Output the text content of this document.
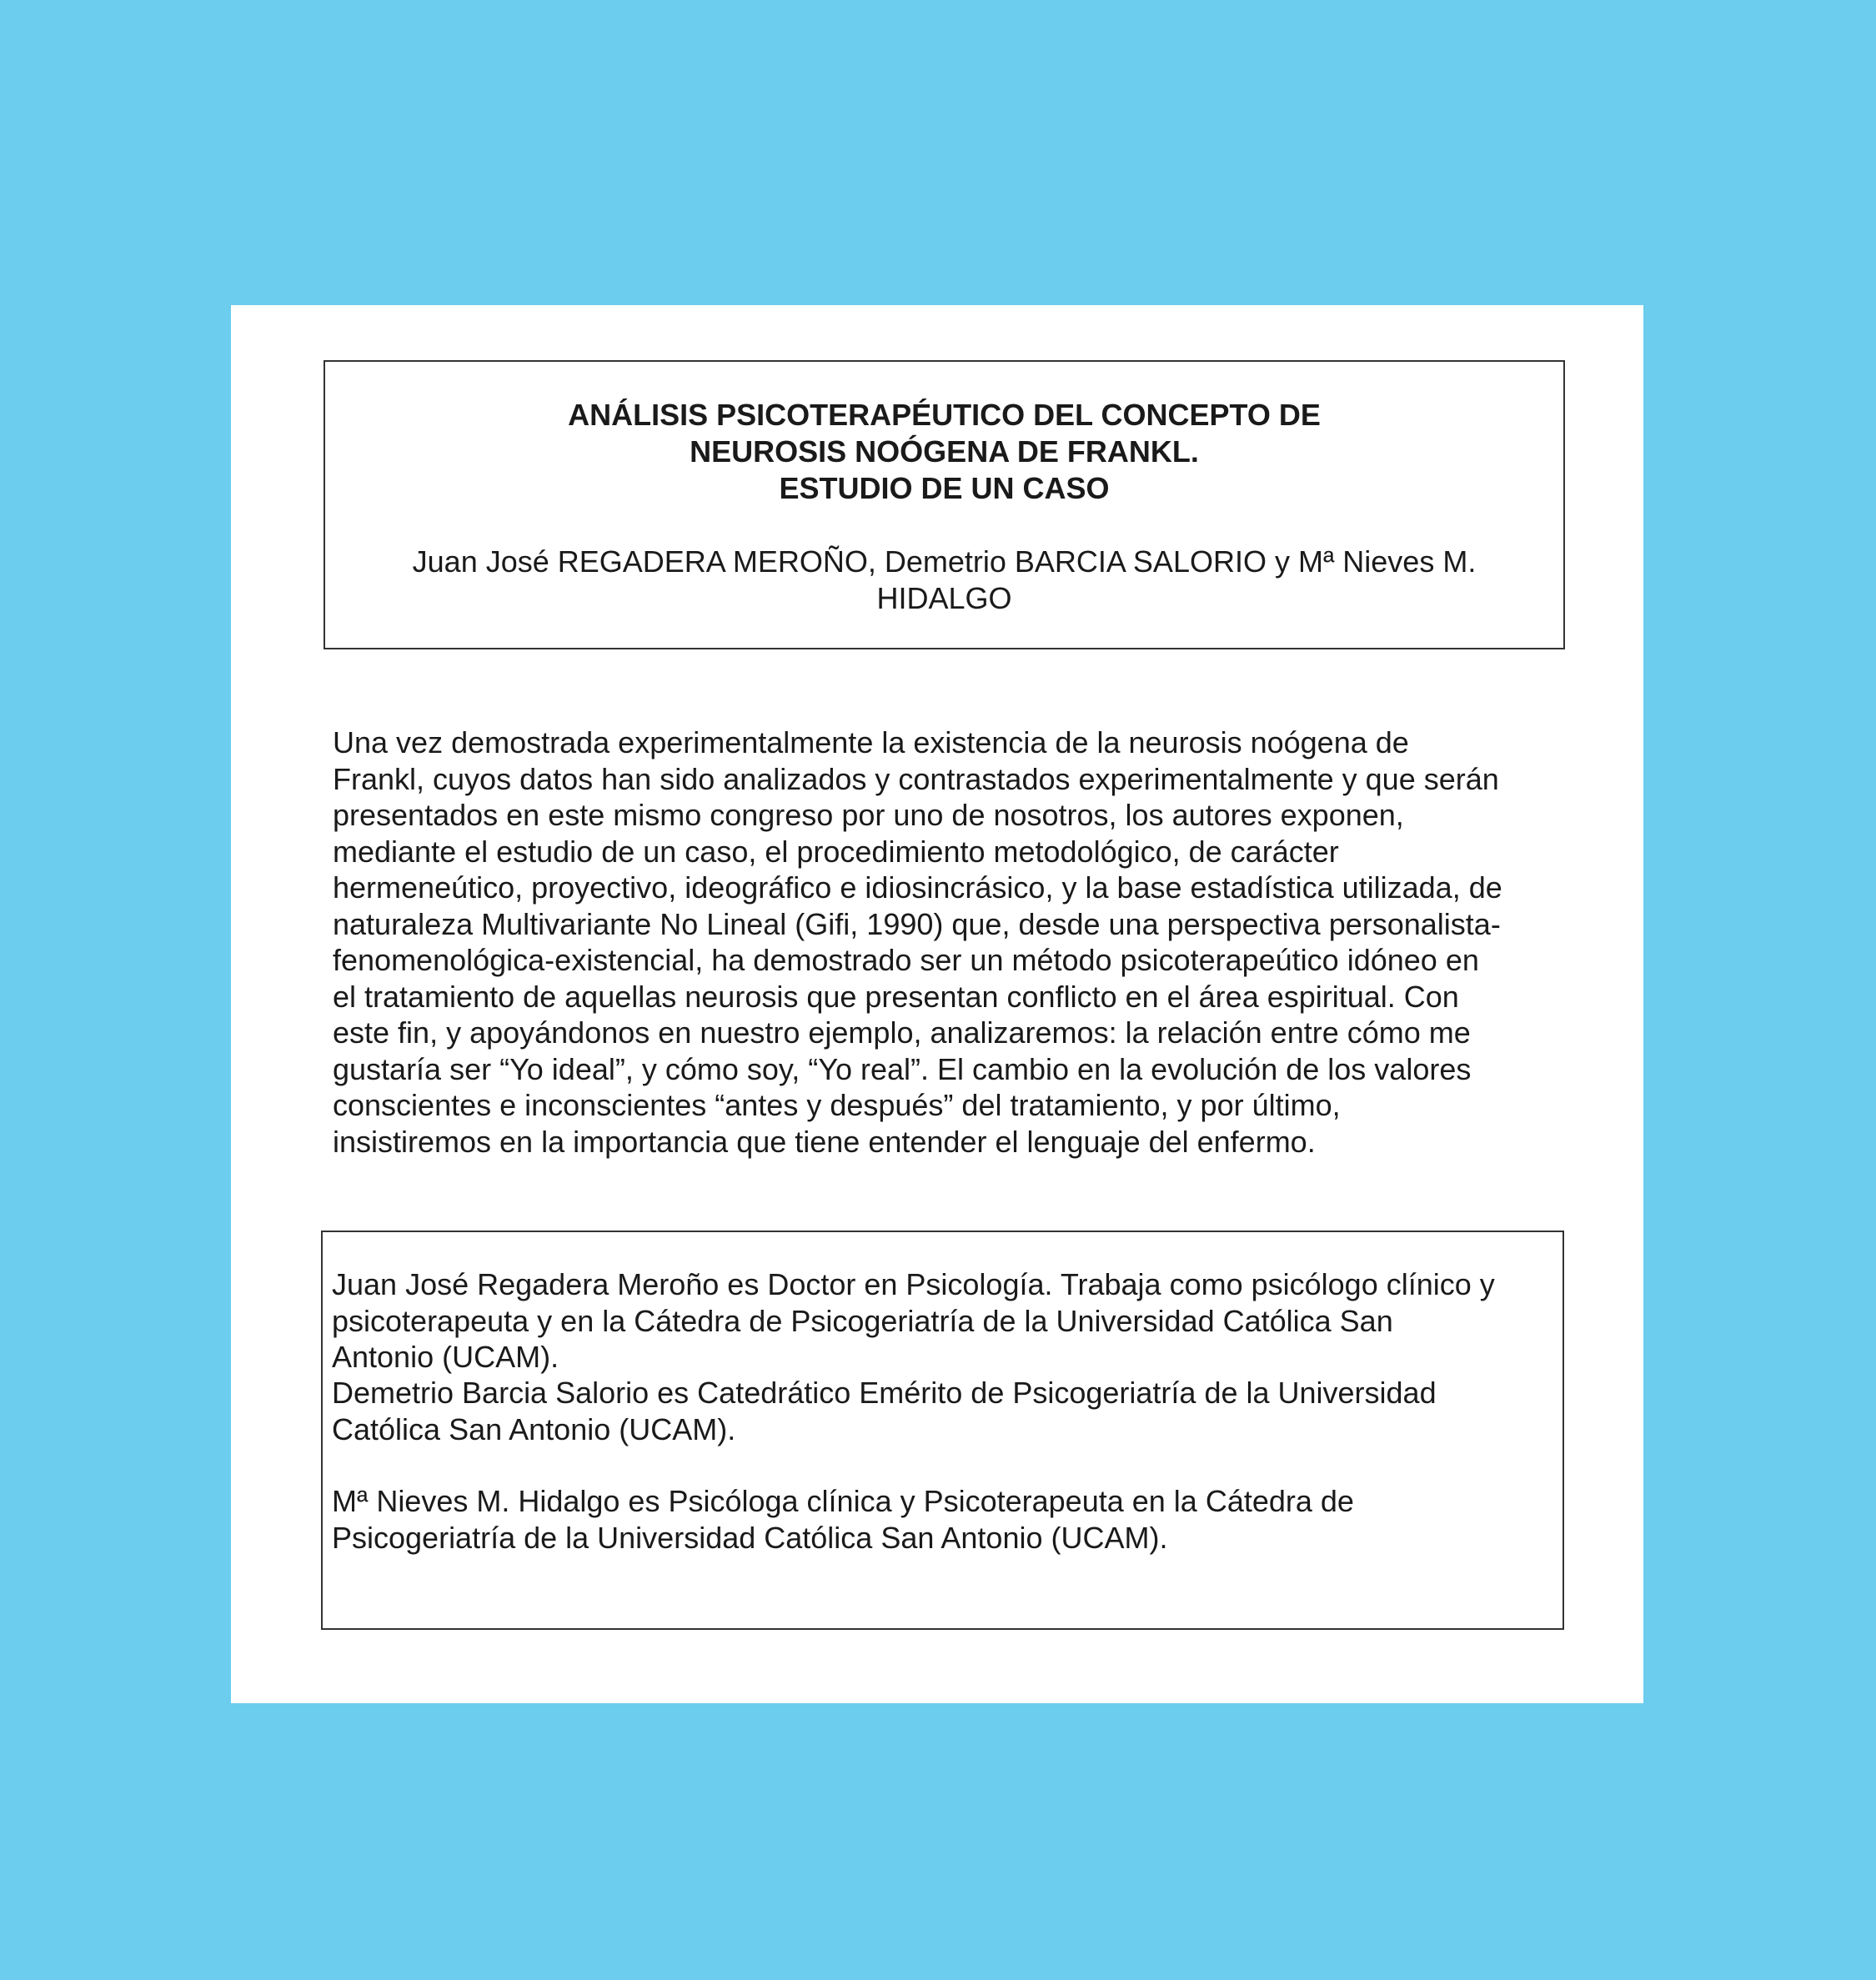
ANÁLISIS PSICOTERAPÉUTICO DEL CONCEPTO DE
NEUROSIS NOÓGENA DE FRANKL.
ESTUDIO DE UN CASO
Juan José REGADERA MEROÑO, Demetrio BARCIA SALORIO y Mª Nieves M.
HIDALGO
Una vez demostrada experimentalmente la existencia de la neurosis noógena de
Frankl, cuyos datos han sido analizados y contrastados experimentalmente y que serán
presentados en este mismo congreso por uno de nosotros, los autores exponen,
mediante el estudio de un caso, el procedimiento metodológico, de carácter
hermeneútico, proyectivo, ideográfico e idiosincrásico, y la base estadística utilizada, de
naturaleza Multivariante No Lineal (Gifi, 1990) que, desde una perspectiva personalista-
fenomenológica-existencial, ha demostrado ser un método psicoterapeútico idóneo en
el tratamiento de aquellas neurosis que presentan conflicto en el área espiritual. Con
este fin, y apoyándonos en nuestro ejemplo, analizaremos: la relación entre cómo me
gustaría ser “Yo ideal”, y cómo soy, “Yo real”. El cambio en la evolución de los valores
conscientes e inconscientes “antes y después” del tratamiento, y por último,
insistiremos en la importancia que tiene entender el lenguaje del enfermo.
Juan José Regadera Meroño es Doctor en Psicología. Trabaja como psicólogo clínico y
psicoterapeuta y en la Cátedra de Psicogeriatría de la Universidad Católica San
Antonio (UCAM).
Demetrio Barcia Salorio es Catedrático Emérito de Psicogeriatría de la Universidad
Católica San Antonio (UCAM).
Mª Nieves M. Hidalgo es Psicóloga clínica y Psicoterapeuta en la Cátedra de
Psicogeriatría de la Universidad Católica San Antonio (UCAM).
